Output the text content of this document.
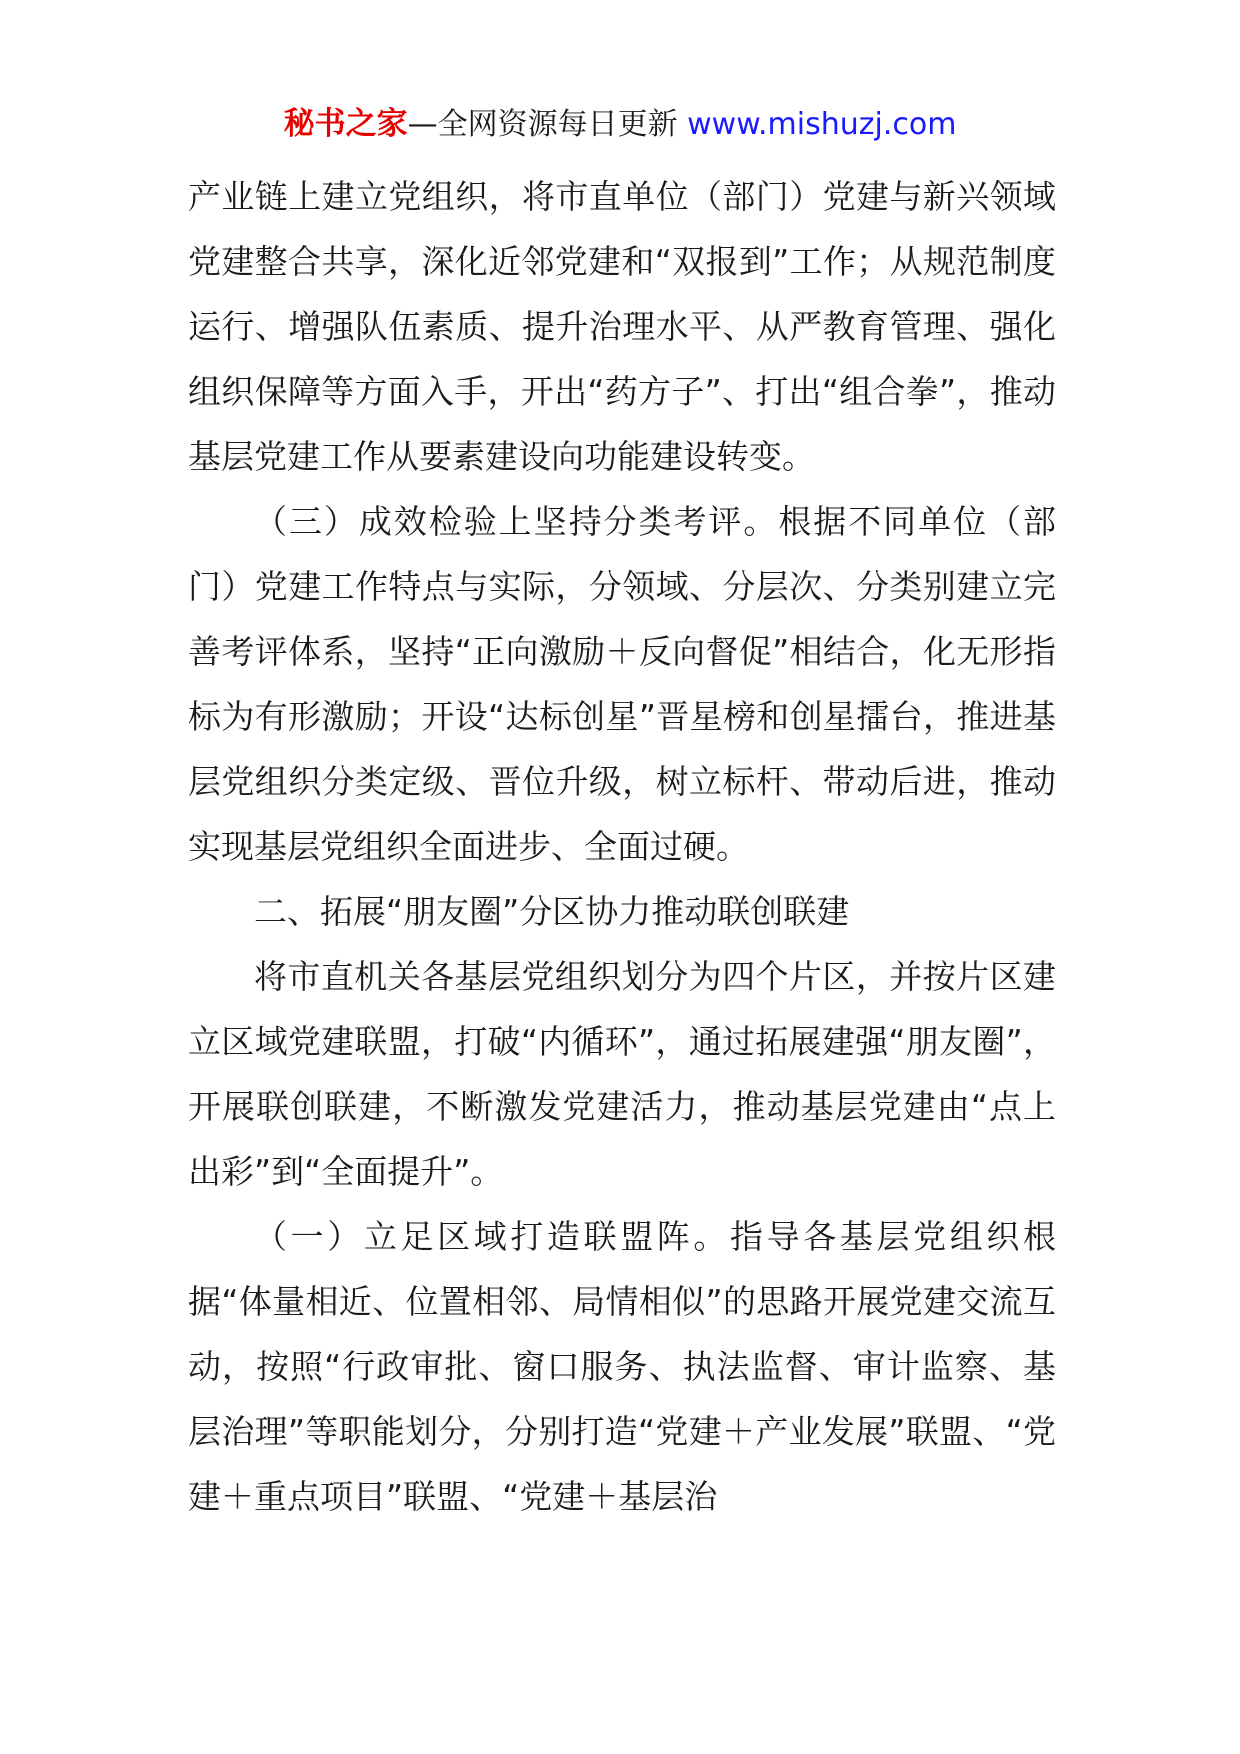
秘书之家—全网资源每日更新 www.mishuzj.com

产业链上建立党组织，将市直单位（部门）党建与新兴领域党建整合共享，深化近邻党建和“双报到”工作；从规范制度运行、增强队伍素质、提升治理水平、从严教育管理、强化组织保障等方面入手，开出“药方子”、打出“组合拳”，推动基层党建工作从要素建设向功能建设转变。

（三）成效检验上坚持分类考评。根据不同单位（部门）党建工作特点与实际，分领域、分层次、分类别建立完善考评体系，坚持“正向激励＋反向督促”相结合，化无形指标为有形激励；开设“达标创星”晋星榜和创星擂台，推进基层党组织分类定级、晋位升级，树立标杆、带动后进，推动实现基层党组织全面进步、全面过硬。

二、拓展“朋友圈”分区协力推动联创联建

将市直机关各基层党组织划分为四个片区，并按片区建立区域党建联盟，打破“内循环”，通过拓展建强“朋友圈”，开展联创联建，不断激发党建活力，推动基层党建由“点上出彩”到“全面提升”。

（一）立足区域打造联盟阵。指导各基层党组织根据“体量相近、位置相邻、局情相似”的思路开展党建交流互动，按照“行政审批、窗口服务、执法监督、审计监察、基层治理”等职能划分，分别打造“党建＋产业发展”联盟、“党建＋重点项目”联盟、“党建＋基层治
